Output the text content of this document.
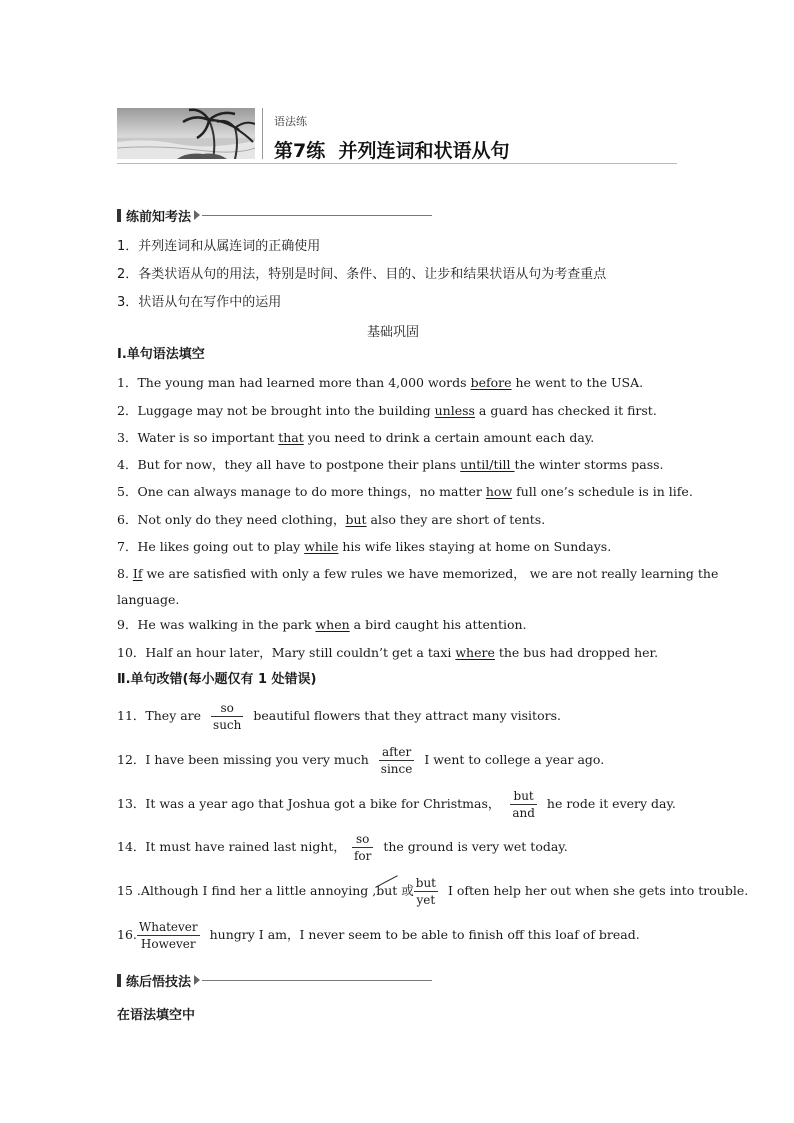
语法练
第7练  并列连词和状语从句
练前知考法
1．并列连词和从属连词的正确使用
2．各类状语从句的用法，特别是时间、条件、目的、让步和结果状语从句为考查重点
3．状语从句在写作中的运用
基础巩固
Ⅰ.单句语法填空
1．The young man had learned more than 4,000 words before he went to the USA.
2．Luggage may not be brought into the building unless a guard has checked it first.
3．Water is so important that you need to drink a certain amount each day.
4．But for now，they all have to postpone their plans until/till the winter storms pass.
5．One can always manage to do more things，no matter how full one’s schedule is in life.
6．Not only do they need clothing，but also they are short of tents.
7．He likes going out to play while his wife likes staying at home on Sundays.
8. If we are satisfied with only a few rules we have memorized， we are not really learning the
language.
9．He was walking in the park when a bird caught his attention.
10．Half an hour later，Mary still couldn’t get a taxi where the bus had dropped her.
Ⅱ.单句改错(每小题仅有 1 处错误)
11．They are $\frac{so}{\text{such}}$ beautiful flowers that they attract many visitors.
12．I have been missing you very much $\frac{\text{after}}{\text{since}}$ I went to college a year ago.
13．It was a year ago that Joshua got a bike for Christmas， $\frac{\text{but}}{\text{and}}$ he rode it every day.
14．It must have rained last night， $\frac{so}{\text{for}}$ the ground is very wet today.
15 .Although I find her a little annoying ,but 或 $\frac{\text{but}}{\text{yet}}$ I often help her out when she gets into trouble.
16. $\frac{\text{Whatever}}{\text{However}}$ hungry I am，I never seem to be able to finish off this loaf of bread.
练后悟技法
在语法填空中
